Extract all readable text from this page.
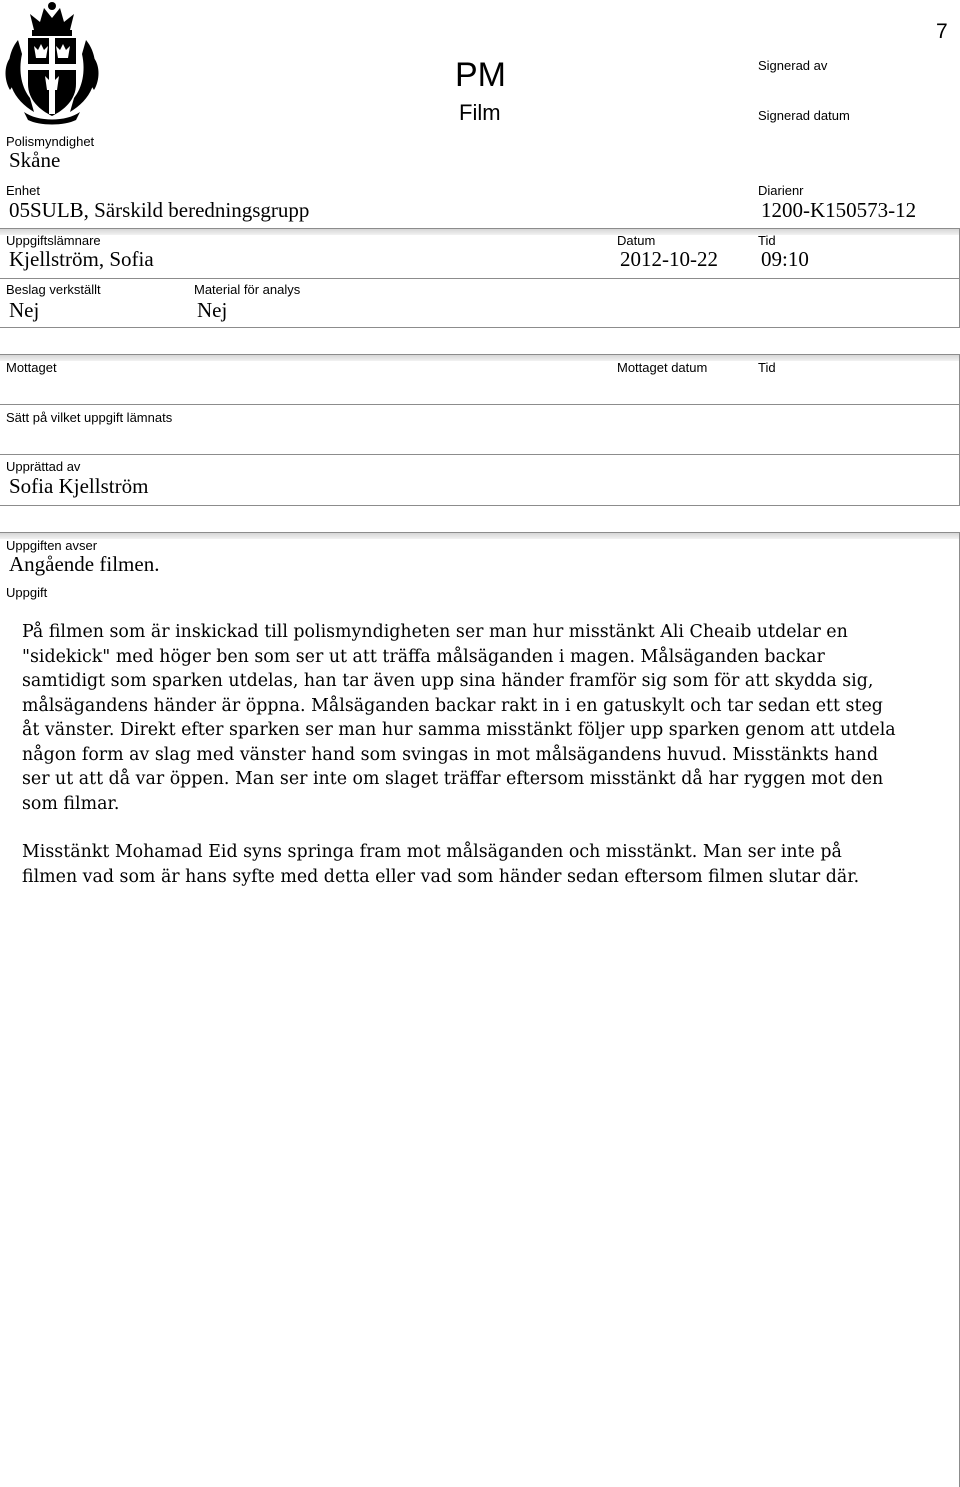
7
PM
Film
Signerad av
Signerad datum
Polismyndighet
Skåne
Enhet
05SULB, Särskild beredningsgrupp
Diarienr
1200-K150573-12
Uppgiftslämnare
Kjellström, Sofia
Datum
2012-10-22
Tid
09:10
Beslag verkställt
Nej
Material för analys
Nej
Mottaget	Mottaget datum	Tid
Sätt på vilket uppgift lämnats
Upprättad av
Sofia Kjellström
Uppgiften avser
Angående filmen.
Uppgift

På filmen som är inskickad till polismyndigheten ser man hur misstänkt Ali Cheaib utdelar en "sidekick" med höger ben som ser ut att träffa målsäganden i magen. Målsäganden backar samtidigt som sparken utdelas, han tar även upp sina händer framför sig som för att skydda sig, målsägandens händer är öppna. Målsäganden backar rakt in i en gatuskylt och tar sedan ett steg åt vänster. Direkt efter sparken ser man hur samma misstänkt följer upp sparken genom att utdela någon form av slag med vänster hand som svingas in mot målsägandens huvud. Misstänkts hand ser ut att då var öppen. Man ser inte om slaget träffar eftersom misstänkt då har ryggen mot den som filmar.

Misstänkt Mohamad Eid syns springa fram mot målsäganden och misstänkt. Man ser inte på filmen vad som är hans syfte med detta eller vad som händer sedan eftersom filmen slutar där.
